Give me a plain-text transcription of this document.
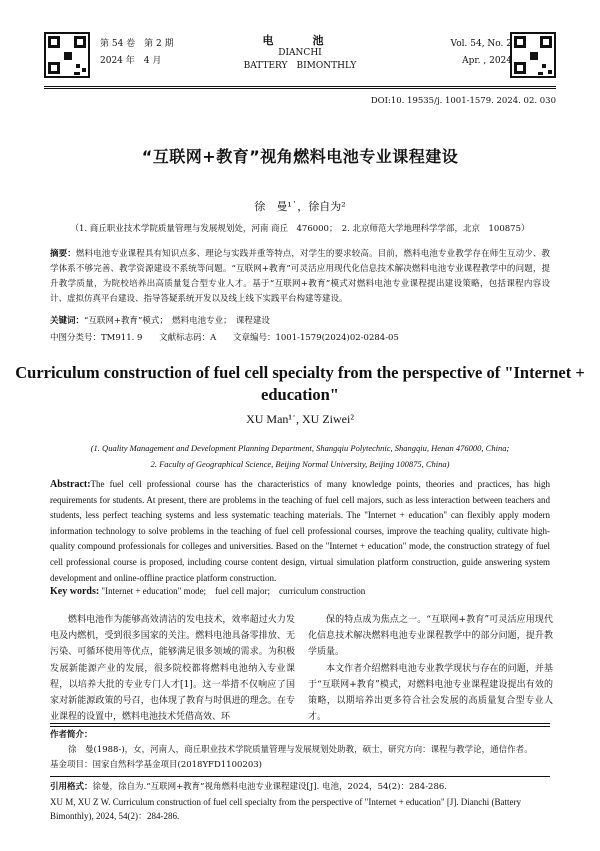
第 54 卷　第 2 期
2024 年　4 月
电　池
DIANCHI
BATTERY　BIMONTHLY
Vol. 54, No. 2
Apr. , 2024
DOI:10. 19535/j. 1001-1579. 2024. 02. 030
“互联网+教育”视角燃料电池专业课程建设
徐　曼¹˙，徐自为²
（1. 商丘职业技术学院质量管理与发展规划处，河南 商丘　476000；　2. 北京师范大学地理科学学部，北京　100875）
摘要：燃料电池专业课程具有知识点多、理论与实践并重等特点，对学生的要求较高。目前，燃料电池专业教学存在师生互动少、教学体系不够完善、教学资源建设不系统等问题。“互联网+教育”可灵活应用现代化信息技术解决燃料电池专业课程教学中的问题，提升教学质量，为院校培养出高质量复合型专业人才。基于“互联网+教育”模式对燃料电池专业课程提出建设策略，包括课程内容设计、虚拟仿真平台建设、指导答疑系统开发以及线上线下实践平台构建等建设。
关键词：“互联网+教育”模式；　燃料电池专业；　课程建设
中图分类号：TM911. 9 文献标志码：A 文章编号：1001-1579(2024)02-0284-05
Curriculum construction of fuel cell specialty from the perspective of "Internet + education"
XU Man¹˙, XU Ziwei²
(1. Quality Management and Development Planning Department, Shangqiu Polytechnic, Shangqiu, Henan 476000, China;
2. Faculty of Geographical Science, Beijing Normal University, Beijing 100875, China)
Abstract:The fuel cell professional course has the characteristics of many knowledge points, theories and practices, has high requirements for students. At present, there are problems in the teaching of fuel cell majors, such as less interaction between teachers and students, less perfect teaching systems and less systematic teaching materials. The "Internet + education" can flexibly apply modern information technology to solve problems in the teaching of fuel cell professional courses, improve the teaching quality, cultivate high-quality compound professionals for colleges and universities. Based on the "Internet + education" mode, the construction strategy of fuel cell professional course is proposed, including course content design, virtual simulation platform construction, guide answering system development and online-offline practice platform construction.
Key words: "Internet + education" mode;　fuel cell major;　curriculum construction

燃料电池作为能够高效清洁的发电技术，效率超过火力发电及内燃机，受到很多国家的关注。燃料电池具备零排放、无污染、可循环使用等优点，能够满足很多领域的需求。为积极发展新能源产业的发展，很多院校都将燃料电池纳入专业课程，以培养大批的专业专门人才[1]。这一举措不仅响应了国家对新能源政策的号召，也体现了教育与时俱进的理念。在专业课程的设置中，燃料电池技术凭借高效、环

保的特点成为焦点之一。“互联网+教育”可灵活应用现代化信息技术解决燃料电池专业课程教学中的部分问题，提升教学质量。

本文作者介绍燃料电池专业教学现状与存在的问题，并基于“互联网+教育”模式，对燃料电池专业课程建设提出有效的策略，以期培养出更多符合社会发展的高质量复合型专业人才。

作者简介：
徐　曼(1988-)，女，河南人，商丘职业技术学院质量管理与发展规划处助教，硕士，研究方向：课程与教学论，通信作者。
基金项目：国家自然科学基金项目(2018YFD1100203)
引用格式：徐曼，徐自为.“互联网+教育”视角燃料电池专业课程建设[J]. 电池，2024，54(2)：284-286.
XU M, XU Z W. Curriculum construction of fuel cell specialty from the perspective of "Internet + education" [J]. Dianchi (Battery Bimonthly), 2024, 54(2)：284-286.
